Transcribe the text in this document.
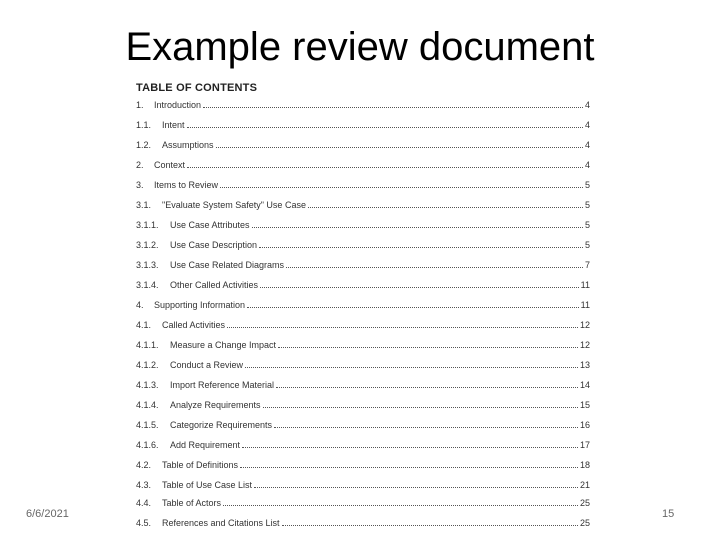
Example review document
TABLE OF CONTENTS
1.	Introduction	4
1.1.	Intent	4
1.2.	Assumptions	4
2.	Context	4
3.	Items to Review	5
3.1.	"Evaluate System Safety" Use Case	5
3.1.1.	Use Case Attributes	5
3.1.2.	Use Case Description	5
3.1.3.	Use Case Related Diagrams	7
3.1.4.	Other Called Activities	11
4.	Supporting Information	11
4.1.	Called Activities	12
4.1.1.	Measure a Change Impact	12
4.1.2.	Conduct a Review	13
4.1.3.	Import Reference Material	14
4.1.4.	Analyze Requirements	15
4.1.5.	Categorize Requirements	16
4.1.6.	Add Requirement	17
4.2.	Table of Definitions	18
4.3.	Table of Use Case List	21
4.4.	Table of Actors	25
4.5.	References and Citations List	25
6/6/2021	15
